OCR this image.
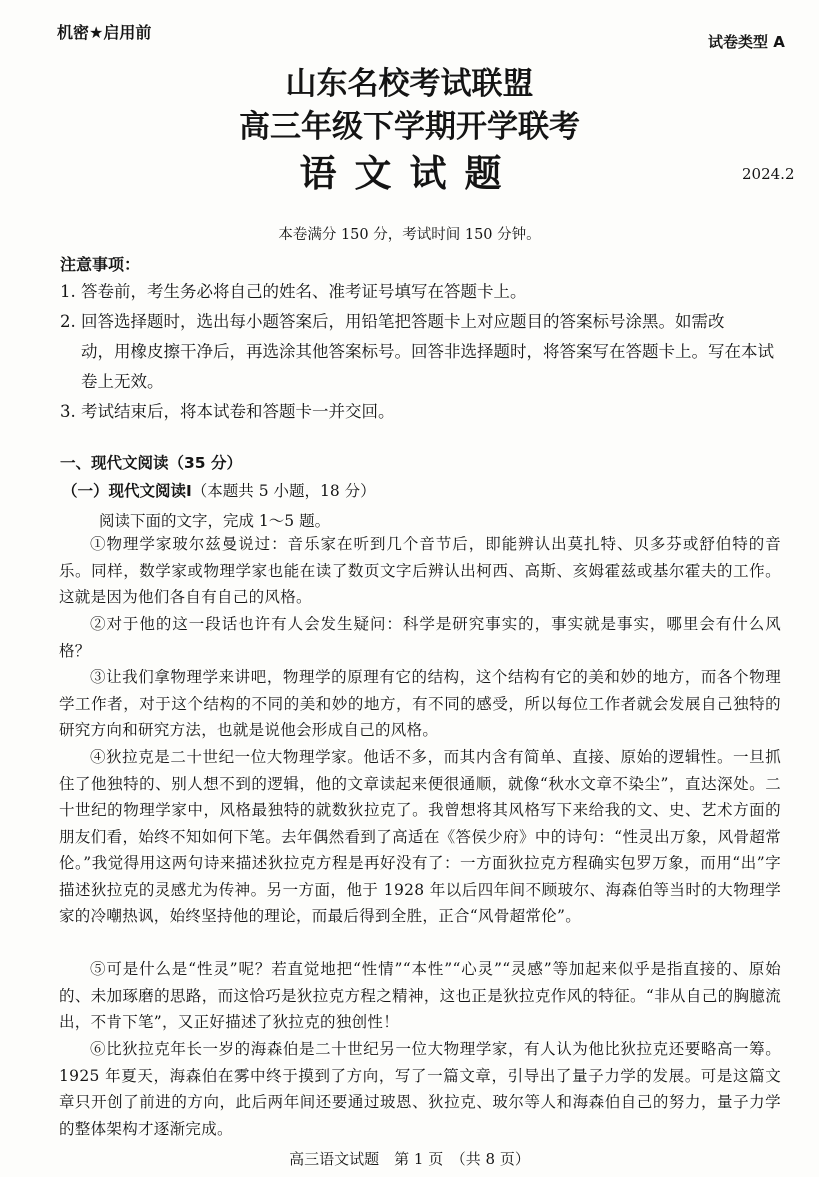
机密★启用前	试卷类型 A
山东名校考试联盟
高三年级下学期开学联考
语文试题	2024.2
本卷满分 150 分，考试时间 150 分钟。
注意事项：
1. 答卷前，考生务必将自己的姓名、准考证号填写在答题卡上。
2. 回答选择题时，选出每小题答案后，用铅笔把答题卡上对应题目的答案标号涂黑。如需改
动，用橡皮擦干净后，再选涂其他答案标号。回答非选择题时，将答案写在答题卡上。写在本试卷上无效。
3. 考试结束后，将本试卷和答题卡一并交回。
一、现代文阅读（35 分）
（一）现代文阅读Ⅰ（本题共 5 小题，18 分）
阅读下面的文字，完成 1～5 题。
①物理学家玻尔兹曼说过：音乐家在听到几个音节后，即能辨认出莫扎特、贝多芬或舒伯特的音乐。同样，数学家或物理学家也能在读了数页文字后辨认出柯西、高斯、亥姆霍兹或基尔霍夫的工作。这就是因为他们各自有自己的风格。
②对于他的这一段话也许有人会发生疑问：科学是研究事实的，事实就是事实，哪里会有什么风格？
③让我们拿物理学来讲吧，物理学的原理有它的结构，这个结构有它的美和妙的地方，而各个物理学工作者，对于这个结构的不同的美和妙的地方，有不同的感受，所以每位工作者就会发展自己独特的研究方向和研究方法，也就是说他会形成自己的风格。
④狄拉克是二十世纪一位大物理学家。他话不多，而其内含有简单、直接、原始的逻辑性。一旦抓住了他独特的、别人想不到的逻辑，他的文章读起来便很通顺，就像“秋水文章不染尘”，直达深处。二十世纪的物理学家中，风格最独特的就数狄拉克了。我曾想将其风格写下来给我的文、史、艺术方面的朋友们看，始终不知如何下笔。去年偶然看到了高适在《答侯少府》中的诗句：“性灵出万象，风骨超常伦。”我觉得用这两句诗来描述狄拉克方程是再好没有了：一方面狄拉克方程确实包罗万象，而用“出”字描述狄拉克的灵感尤为传神。另一方面，他于 1928 年以后四年间不顾玻尔、海森伯等当时的大物理学家的冷嘲热讽，始终坚持他的理论，而最后得到全胜，正合“风骨超常伦”。
⑤可是什么是“性灵”呢？若直觉地把“性情”“本性”“心灵”“灵感”等加起来似乎是指直接的、原始的、未加琢磨的思路，而这恰巧是狄拉克方程之精神，这也正是狄拉克作风的特征。“非从自己的胸臆流出，不肯下笔”，又正好描述了狄拉克的独创性！
⑥比狄拉克年长一岁的海森伯是二十世纪另一位大物理学家，有人认为他比狄拉克还要略高一筹。1925 年夏天，海森伯在雾中终于摸到了方向，写了一篇文章，引导出了量子力学的发展。可是这篇文章只开创了前进的方向，此后两年间还要通过玻恩、狄拉克、玻尔等人和海森伯自己的努力，量子力学的整体架构才逐渐完成。
高三语文试题　第 1 页　（共 8 页）
